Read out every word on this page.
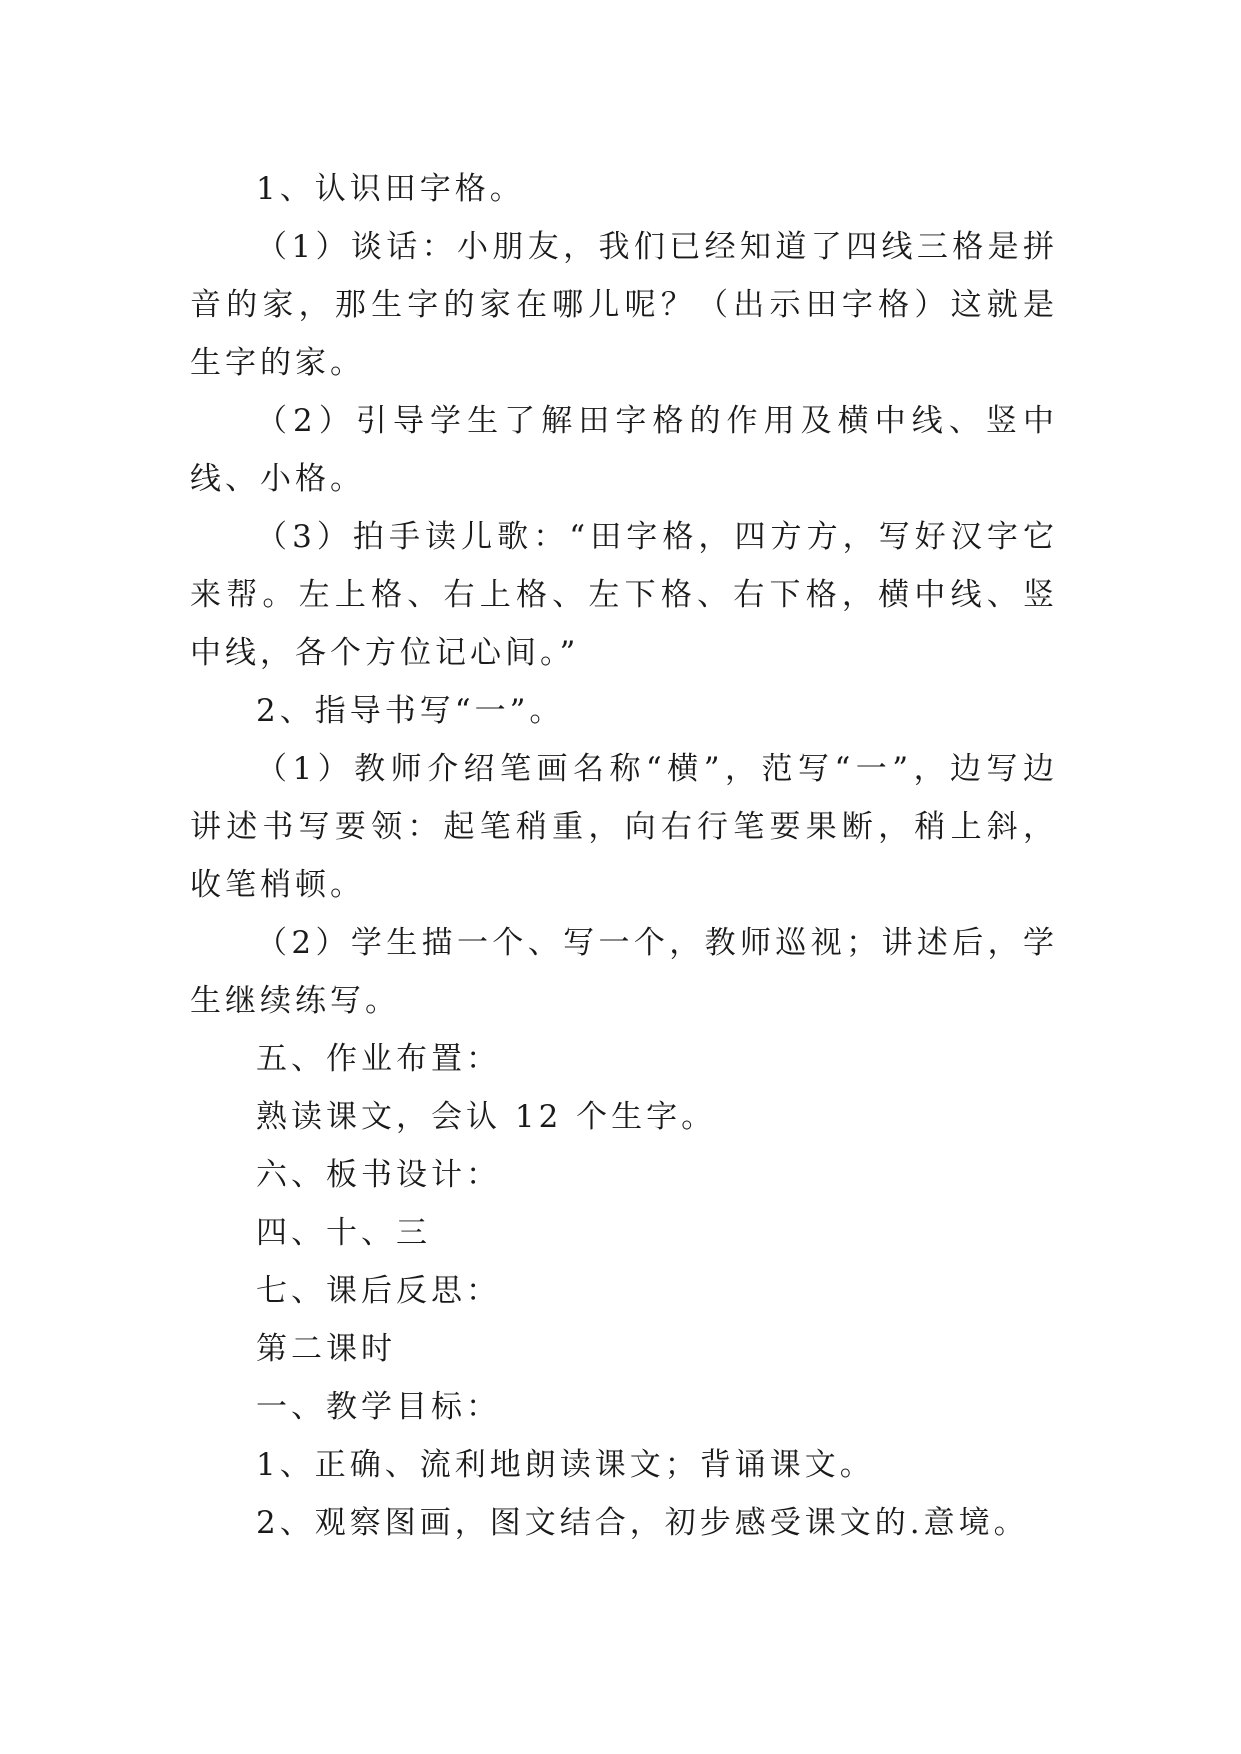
1、认识田字格。

（1）谈话：小朋友，我们已经知道了四线三格是拼音的家，那生字的家在哪儿呢？（出示田字格）这就是生字的家。

（2）引导学生了解田字格的作用及横中线、竖中线、小格。

（3）拍手读儿歌：“田字格，四方方，写好汉字它来帮。左上格、右上格、左下格、右下格，横中线、竖中线，各个方位记心间。”

2、指导书写“一”。

（1）教师介绍笔画名称“横”，范写“一”，边写边讲述书写要领：起笔稍重，向右行笔要果断，稍上斜，收笔梢顿。

（2）学生描一个、写一个，教师巡视；讲述后，学生继续练写。

五、作业布置：

熟读课文，会认 12 个生字。

六、板书设计：

四、十、三

七、课后反思：

第二课时

一、教学目标：

1、正确、流利地朗读课文；背诵课文。

2、观察图画，图文结合，初步感受课文的.意境。
